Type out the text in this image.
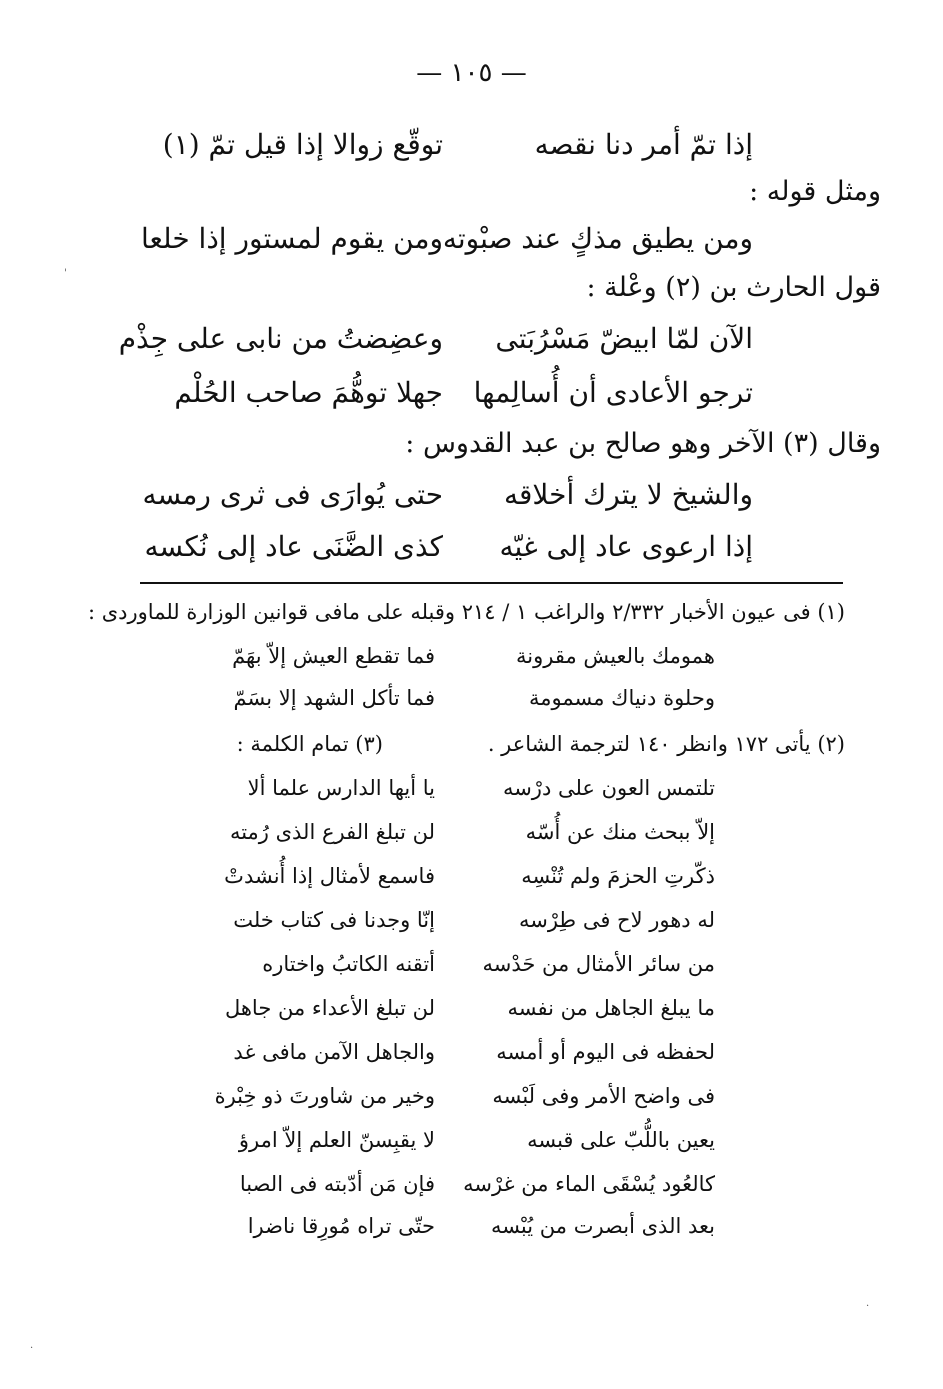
— ١٠٥ —
إذا تمّ أمر دنا نقصه
توقّع زوالا إذا قيل تمّ (١)
ومثل قوله :
ومن يطيق مذكٍ عند صبْوته
ومن يقوم لمستور إذا خلعا
قول الحارث بن (٢) وعْلة :
الآن لمّا ابيضّ مَسْرُبَتى
وعضِضتُ من نابى على جِذْم
ترجو الأعادى أن أُسالِمها
جهلا توهُّمَ صاحب الحُلْم
وقال (٣) الآخر وهو صالح بن عبد القدوس :
والشيخ لا يترك أخلاقه
حتى يُوارَى فى ثرى رمسه
إذا ارعوى عاد إلى غيّه
كذى الضَّنَى عاد إلى نُكسه
(١) فى عيون الأخبار ٢/٣٣٢ والراغب ١ / ٢١٤ وقبله على مافى قوانين الوزارة للماوردى :
همومك بالعيش مقرونة
فما تقطع العيش إلاّ بهَمّ
وحلوة دنياك مسمومة
فما تأكل الشهد إلا بسَمّ
(٢) يأتى ١٧٢ وانظر ١٤٠ لترجمة الشاعر .
(٣) تمام الكلمة :
تلتمس العون على درْسه
يا أيها الدارس علما ألا
إلاّ ببحث منك عن أُسّه
لن تبلغ الفرع الذى رُمته
ذكّرتِ الحزمَ ولم تُنْسِه
فاسمع لأمثال إذا أُنشدتْ
له دهور لاح فى طِرْسه
إنّا وجدنا فى كتاب خلت
من سائر الأمثال من حَدْسه
أتقنه الكاتبُ واختاره
ما يبلغ الجاهل من نفسه
لن تبلغ الأعداء من جاهل
لحفظه فى اليوم أو أمسه
والجاهل الآمن مافى غد
فى واضح الأمر وفى لَبْسه
وخير من شاورتَ ذو خِبْرة
يعين باللُّبّ على قبسه
لا يقبِسنّ العلم إلاّ امرؤ
كالعُود يُسْقَى الماء من غرْسه
فإن مَن أدّبته فى الصبا
بعد الذى أبصرت من يُبْسه
حتّى تراه مُورِقا ناضرا
'
.
.
